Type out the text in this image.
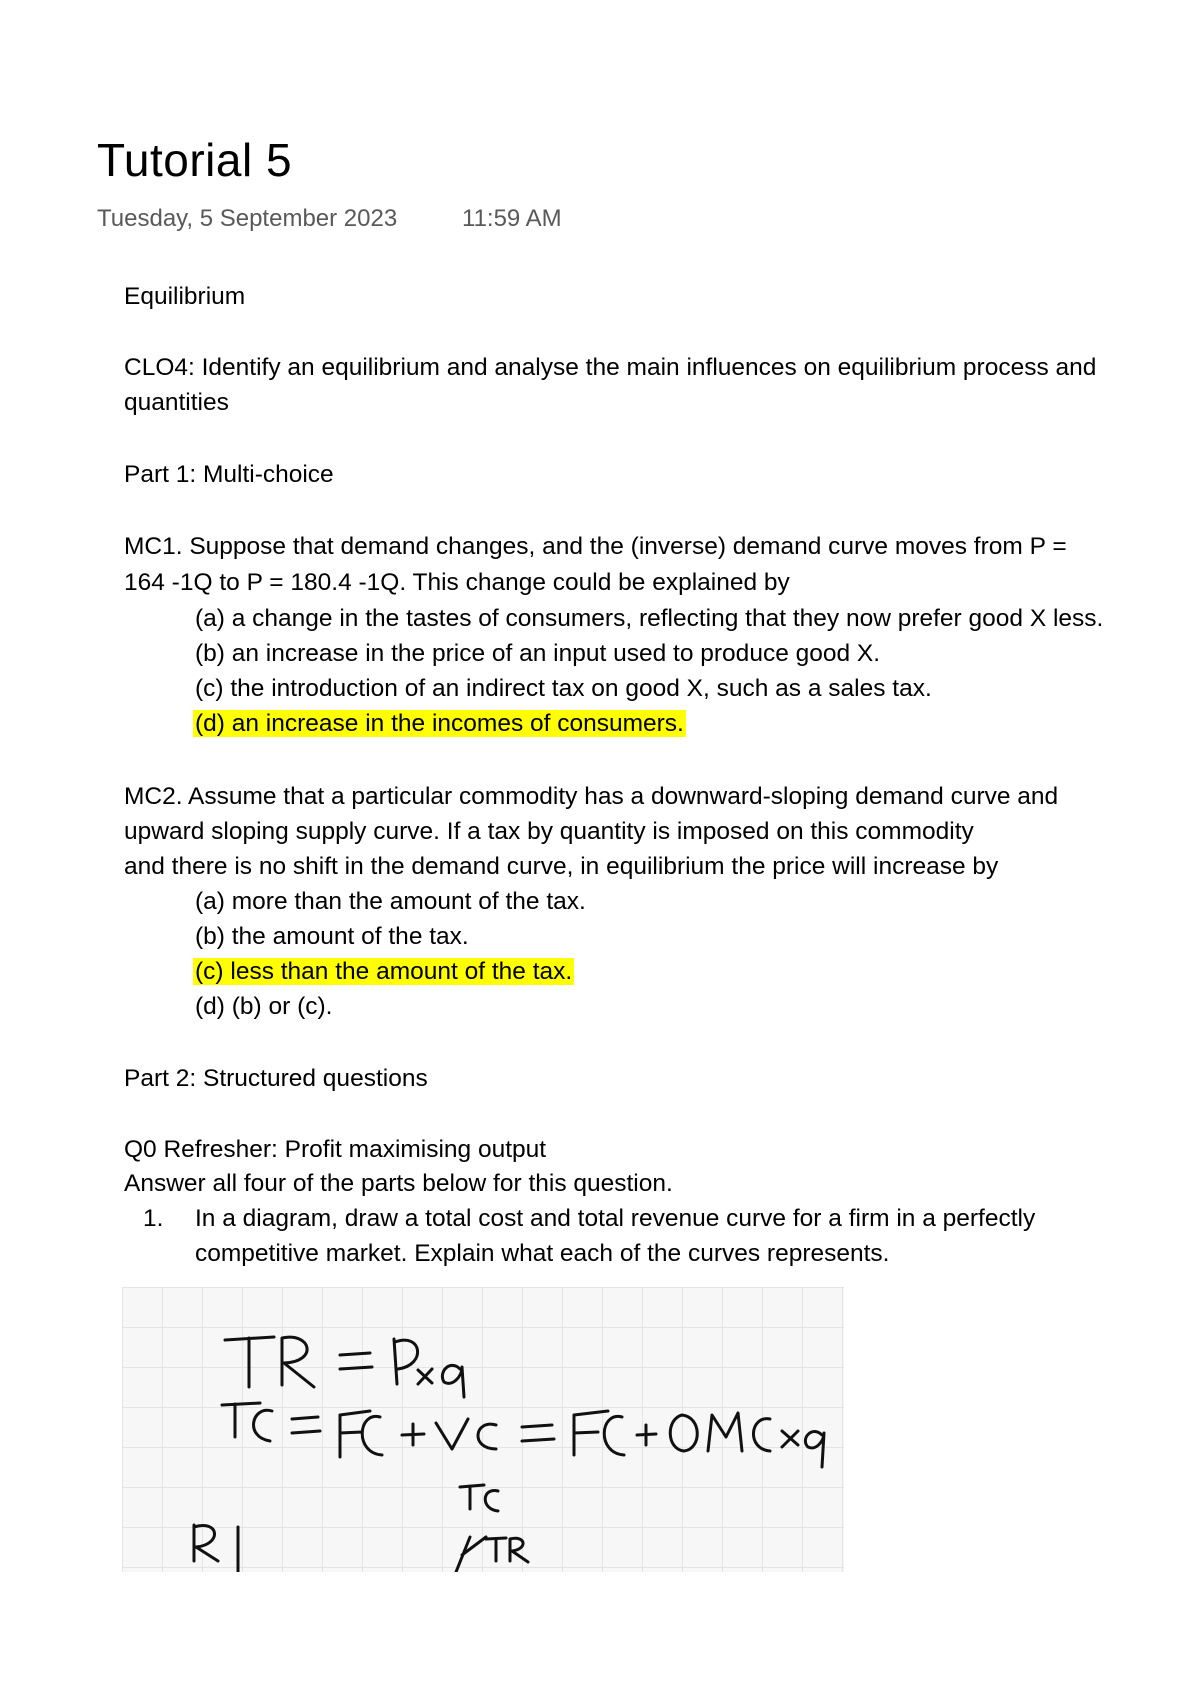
Tutorial 5
Tuesday, 5 September 2023	11:59 AM
Equilibrium
CLO4: Identify an equilibrium and analyse the main influences on equilibrium process and
quantities
Part 1: Multi-choice
MC1. Suppose that demand changes, and the (inverse) demand curve moves from P =
164 -1Q to P = 180.4 -1Q. This change could be explained by
(a) a change in the tastes of consumers, reflecting that they now prefer good X less.
(b) an increase in the price of an input used to produce good X.
(c) the introduction of an indirect tax on good X, such as a sales tax.
(d) an increase in the incomes of consumers.
MC2. Assume that a particular commodity has a downward-sloping demand curve and
upward sloping supply curve. If a tax by quantity is imposed on this commodity
and there is no shift in the demand curve, in equilibrium the price will increase by
(a) more than the amount of the tax.
(b) the amount of the tax.
(c) less than the amount of the tax.
(d) (b) or (c).
Part 2: Structured questions
Q0 Refresher: Profit maximising output
Answer all four of the parts below for this question.
1. In a diagram, draw a total cost and total revenue curve for a firm in a perfectly
competitive market. Explain what each of the curves represents.
